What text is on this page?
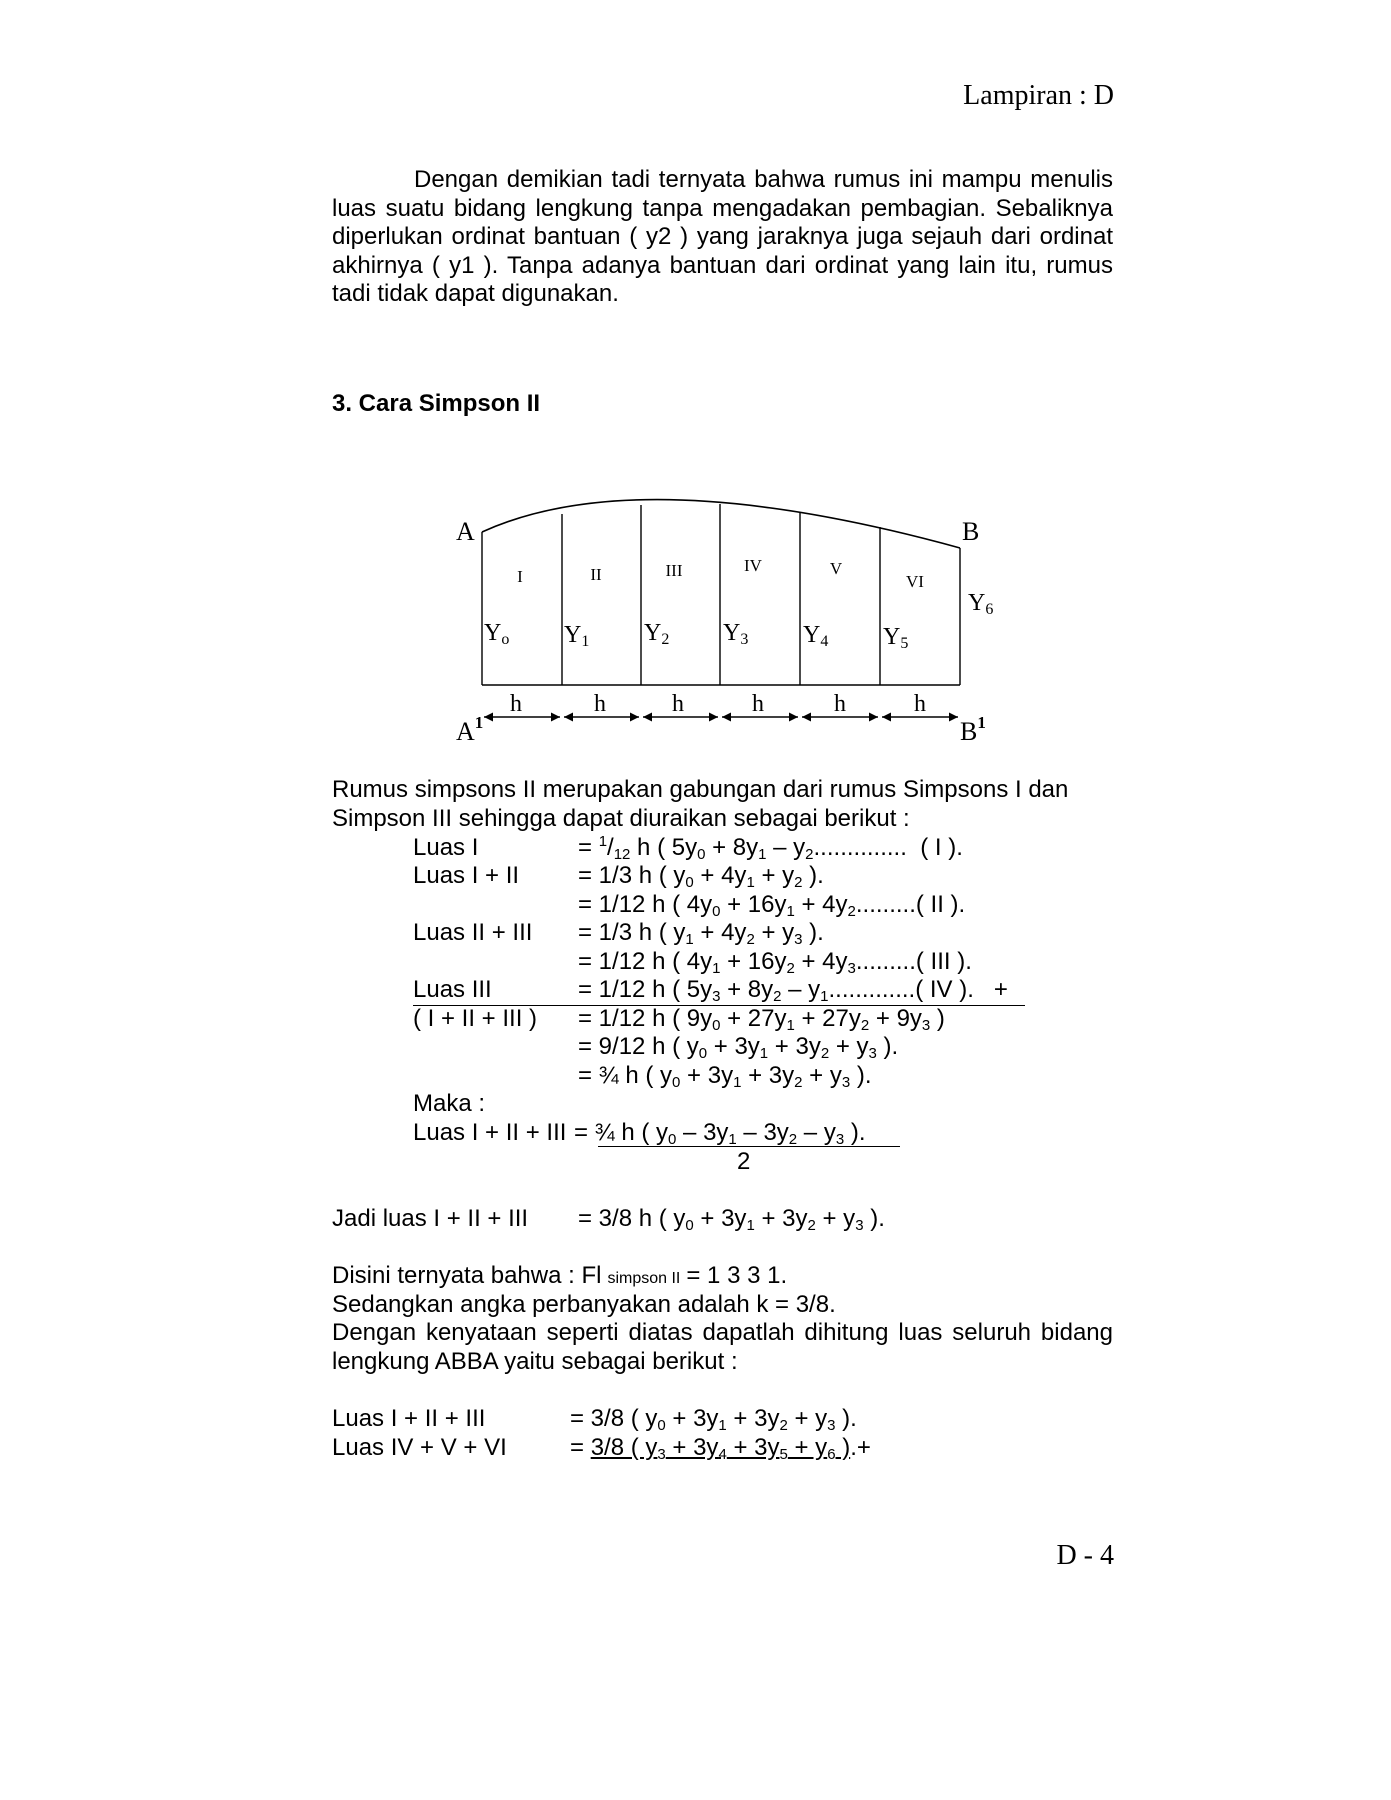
Lampiran : D
Dengan demikian tadi ternyata bahwa rumus ini mampu menulis luas suatu bidang lengkung tanpa mengadakan pembagian. Sebaliknya diperlukan ordinat bantuan ( y2 ) yang jaraknya juga sejauh dari ordinat akhirnya ( y1 ). Tanpa adanya bantuan dari ordinat yang lain itu, rumus tadi tidak dapat digunakan.
3. Cara Simpson II
A	B
$A^1$	$B^1$
I	II	III	IV	V
VI
Yo Y1 Y2 Y3 Y4 Y5
Y6
h	h	h	h	h	h
Rumus simpsons II merupakan gabungan dari rumus Simpsons I dan
Simpson III sehingga dapat diuraikan sebagai berikut :
Luas I	= $^1/_{12}$ h ( $5y_0 + 8y_1 - y_2$..............  ( I ).
Luas I + II = 1/3 h ( $y_0 + 4y_1 + y_2$ ).
= 1/12 h ( $4y_0 + 16y_1 + 4y_2$.........( II ).
Luas II + III = 1/3 h ( $y_1 + 4y_2 + y_3$ ).
= 1/12 h ( $4y_1 + 16y_2 + 4y_3$.........( III ).
Luas III	= 1/12 h ( $5y_3 + 8y_2 - y_1$.............( IV ).   +
( I + II + III ) = 1/12 h ( $9y_0 + 27y_1 + 27y_2 + 9y_3$ )
= 9/12 h ( $y_0 + 3y_1 + 3y_2 + y_3$ ).
= ¾ h ( $y_0 + 3y_1 + 3y_2 + y_3$ ).
Maka :
Luas I + II + III = ¾ h ( $y_0 - 3y_1 - 3y_2 - y_3$ ).
2
Jadi luas I + II + III = 3/8 h ( $y_0 + 3y_1 + 3y_2 + y_3$ ).
Disini ternyata bahwa : Fl simpson II = 1 3 3 1.
Sedangkan angka perbanyakan adalah k = 3/8.
Dengan kenyataan seperti diatas dapatlah dihitung luas seluruh bidang lengkung ABBA yaitu sebagai berikut :
Luas I + II + III	= 3/8 ( $y_0 + 3y_1 + 3y_2 + y_3$ ).
Luas IV + V + VI	= 3/8 ( $y_3 + 3y_4 + 3y_5 + y_6$ ).+
D - 4
